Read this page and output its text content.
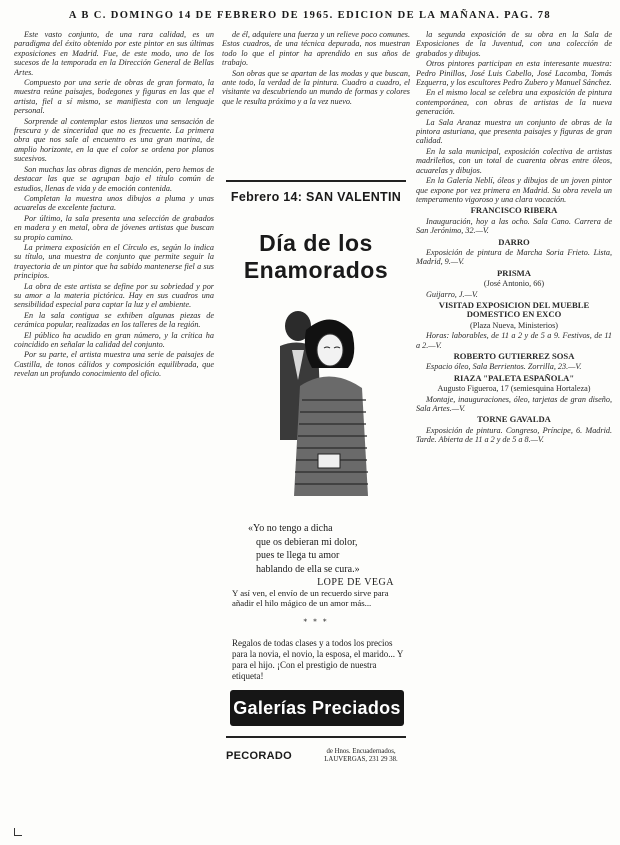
A B C. DOMINGO 14 DE FEBRERO DE 1965. EDICION DE LA MAÑANA. PAG. 78

Este vasto conjunto, de una rara calidad, es un paradigma del éxito obtenido por este pintor en sus últimas exposiciones en Madrid. Fue, de este modo, uno de los sucesos de la temporada en la Dirección General de Bellas Artes.

Compuesto por una serie de obras de gran formato, la muestra reúne paisajes, bodegones y figuras en las que el artista, fiel a sí mismo, se manifiesta con un lenguaje personal.

Sorprende al contemplar estos lienzos una sensación de frescura y de sinceridad que no es frecuente. La primera obra que nos sale al encuentro es una gran marina, de amplio horizonte, en la que el color se ordena por planos sucesivos.

Son muchas las obras dignas de mención, pero hemos de destacar las que se agrupan bajo el título común de estudios, llenas de vida y de emoción contenida.

Completan la muestra unos dibujos a pluma y unas acuarelas de excelente factura.

Por último, la sala presenta una selección de grabados en madera y en metal, obra de jóvenes artistas que buscan su propio camino.

La primera exposición en el Círculo es, según lo indica su título, una muestra de conjunto que permite seguir la trayectoria de un pintor que ha sabido mantenerse fiel a sus principios.

La obra de este artista se define por su sobriedad y por su amor a la materia pictórica. Hay en sus cuadros una sensibilidad especial para captar la luz y el ambiente.

En la sala contigua se exhiben algunas piezas de cerámica popular, realizadas en los talleres de la región.

El público ha acudido en gran número, y la crítica ha coincidido en señalar la calidad del conjunto.

Por su parte, el artista muestra una serie de paisajes de Castilla, de tonos cálidos y composición equilibrada, que revelan un profundo conocimiento del oficio.

de él, adquiere una fuerza y un relieve poco comunes. Estos cuadros, de una técnica depurada, nos muestran todo lo que el pintor ha aprendido en sus años de trabajo.

Son obras que se apartan de las modas y que buscan, ante todo, la verdad de la pintura. Cuadro a cuadro, el visitante va descubriendo un mundo de formas y colores que le resulta próximo y a la vez nuevo.

Febrero 14: SAN VALENTIN
Día de los
Enamorados
«Yo no tengo a dicha
que os debieran mi dolor,
pues te llega tu amor
hablando de ella se cura.»
LOPE DE VEGA
Y así ven, el envío de un recuerdo sirve para añadir el hilo mágico de un amor más...
* * *
Regalos de todas clases y a todos los precios para la novia, el novio, la esposa, el marido... Y para el hijo. ¡Con el prestigio de nuestra etiqueta!
Galerías Preciados
PECORADO	de Hnos. Encuadernados, LAUVERGAS, 231 29 38.

la segunda exposición de su obra en la Sala de Exposiciones de la Juventud, con una colección de grabados y dibujos.

Otros pintores participan en esta interesante muestra: Pedro Pinillos, José Luis Cabello, José Lacomba, Tomás Ezquerra, y los escultores Pedro Zubero y Manuel Sánchez.

En el mismo local se celebra una exposición de pintura contemporánea, con obras de artistas de la nueva generación.

La Sala Aranaz muestra un conjunto de obras de la pintora asturiana, que presenta paisajes y figuras de gran calidad.

En la sala municipal, exposición colectiva de artistas madrileños, con un total de cuarenta obras entre óleos, acuarelas y dibujos.

En la Galería Neblí, óleos y dibujos de un joven pintor que expone por vez primera en Madrid. Su obra revela un temperamento vigoroso y una clara vocación.

FRANCISCO RIBERA

Inauguración, hoy a las ocho. Sala Cano. Carrera de San Jerónimo, 32.—V.

DARRO

Exposición de pintura de Marcha Soria Frieto. Lista, Madrid, 9.—V.

PRISMA

(José Antonio, 66)

Guijarro, J.—V.

VISITAD EXPOSICION DEL MUEBLE DOMESTICO EN EXCO

(Plaza Nueva, Ministerios)

Horas: laborables, de 11 a 2 y de 5 a 9. Festivos, de 11 a 2.—V.

ROBERTO GUTIERREZ SOSA

Espacio óleo, Sala Berrientos. Zorrilla, 23.—V.

RIAZA "PALETA ESPAÑOLA"

Augusto Figueroa, 17 (semiesquina Hortaleza)

Montaje, inauguraciones, óleo, tarjetas de gran diseño, Sala Artes.—V.

TORNE GAVALDA

Exposición de pintura. Congreso, Príncipe, 6. Madrid. Tarde. Abierta de 11 a 2 y de 5 a 8.—V.
